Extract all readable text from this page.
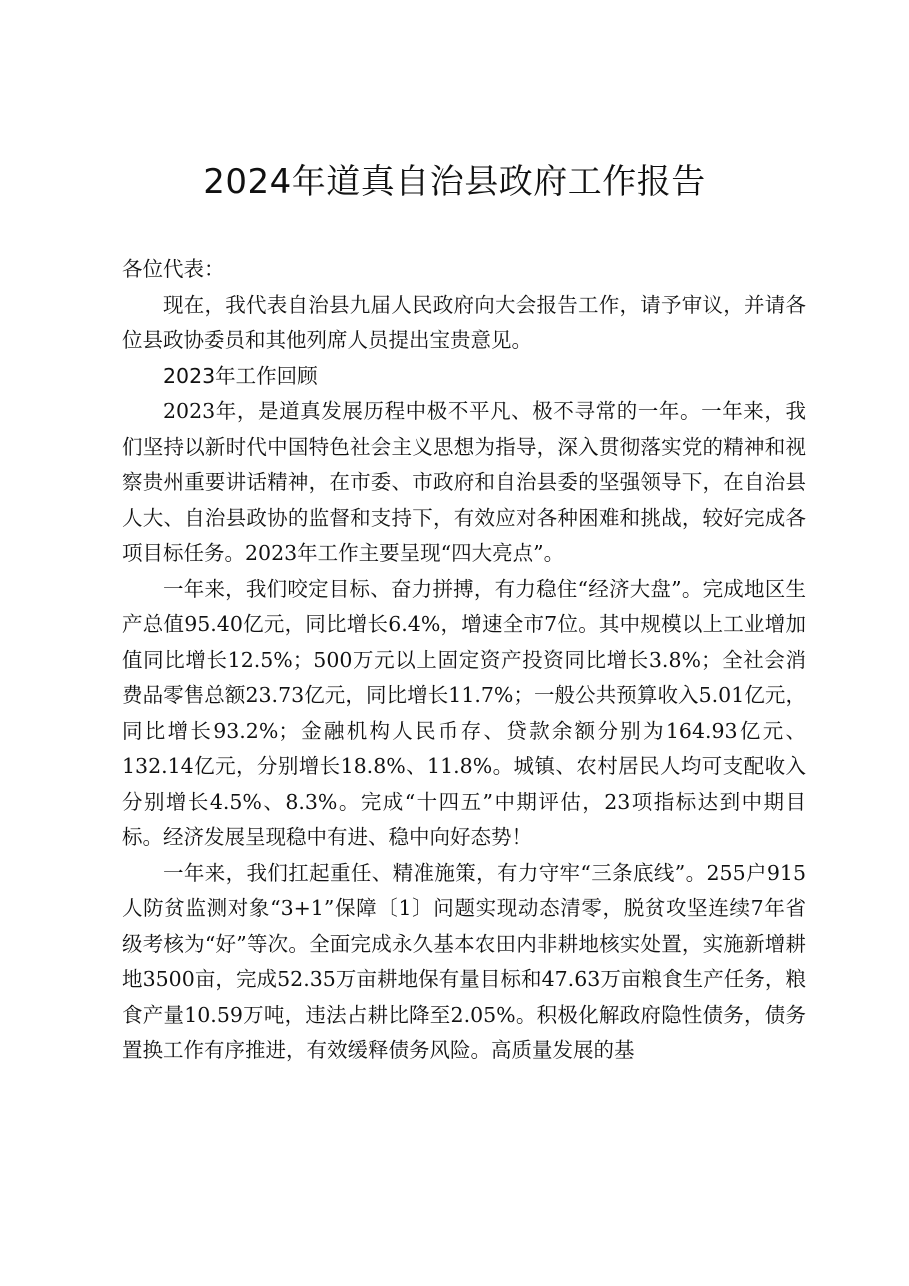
2024年道真自治县政府工作报告

各位代表：

现在，我代表自治县九届人民政府向大会报告工作，请予审议，并请各位县政协委员和其他列席人员提出宝贵意见。

2023年工作回顾

2023年，是道真发展历程中极不平凡、极不寻常的一年。一年来，我们坚持以新时代中国特色社会主义思想为指导，深入贯彻落实党的精神和视察贵州重要讲话精神，在市委、市政府和自治县委的坚强领导下，在自治县人大、自治县政协的监督和支持下，有效应对各种困难和挑战，较好完成各项目标任务。2023年工作主要呈现“四大亮点”。

一年来，我们咬定目标、奋力拼搏，有力稳住“经济大盘”。完成地区生产总值95.40亿元，同比增长6.4%，增速全市7位。其中规模以上工业增加值同比增长12.5%；500万元以上固定资产投资同比增长3.8%；全社会消费品零售总额23.73亿元，同比增长11.7%；一般公共预算收入5.01亿元，同比增长93.2%；金融机构人民币存、贷款余额分别为164.93亿元、132.14亿元，分别增长18.8%、11.8%。城镇、农村居民人均可支配收入分别增长4.5%、8.3%。完成“十四五”中期评估，23项指标达到中期目标。经济发展呈现稳中有进、稳中向好态势！

一年来，我们扛起重任、精准施策，有力守牢“三条底线”。255户915人防贫监测对象“3+1”保障〔1〕问题实现动态清零，脱贫攻坚连续7年省级考核为“好”等次。全面完成永久基本农田内非耕地核实处置，实施新增耕地3500亩，完成52.35万亩耕地保有量目标和47.63万亩粮食生产任务，粮食产量10.59万吨，违法占耕比降至2.05%。积极化解政府隐性债务，债务置换工作有序推进，有效缓释债务风险。高质量发展的基
